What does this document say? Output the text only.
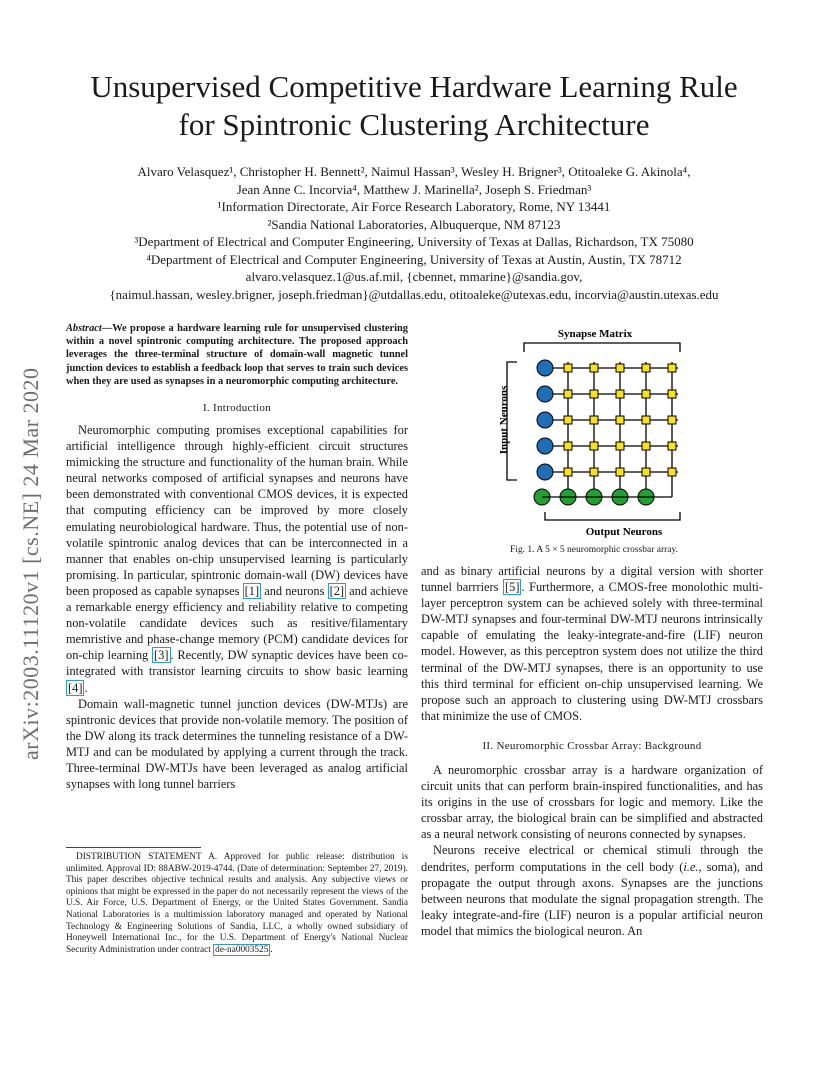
arXiv:2003.11120v1 [cs.NE] 24 Mar 2020
Unsupervised Competitive Hardware Learning Rule
for Spintronic Clustering Architecture
Alvaro Velasquez¹, Christopher H. Bennett², Naimul Hassan³, Wesley H. Brigner³, Otitoaleke G. Akinola⁴,
Jean Anne C. Incorvia⁴, Matthew J. Marinella², Joseph S. Friedman³
¹Information Directorate, Air Force Research Laboratory, Rome, NY 13441
²Sandia National Laboratories, Albuquerque, NM 87123
³Department of Electrical and Computer Engineering, University of Texas at Dallas, Richardson, TX 75080
⁴Department of Electrical and Computer Engineering, University of Texas at Austin, Austin, TX 78712
alvaro.velasquez.1@us.af.mil, {cbennet, mmarine}@sandia.gov,
{naimul.hassan, wesley.brigner, joseph.friedman}@utdallas.edu, otitoaleke@utexas.edu, incorvia@austin.utexas.edu

Abstract—We propose a hardware learning rule for unsupervised clustering within a novel spintronic computing architecture. The proposed approach leverages the three-terminal structure of domain-wall magnetic tunnel junction devices to establish a feedback loop that serves to train such devices when they are used as synapses in a neuromorphic computing architecture.

I. Introduction

Neuromorphic computing promises exceptional capabilities for artificial intelligence through highly-efficient circuit structures mimicking the structure and functionality of the human brain. While neural networks composed of artificial synapses and neurons have been demonstrated with conventional CMOS devices, it is expected that computing efficiency can be improved by more closely emulating neurobiological hardware. Thus, the potential use of non-volatile spintronic analog devices that can be interconnected in a manner that enables on-chip unsupervised learning is particularly promising. In particular, spintronic domain-wall (DW) devices have been proposed as capable synapses [1] and neurons [2] and achieve a remarkable energy efficiency and reliability relative to competing non-volatile candidate devices such as resitive/filamentary memristive and phase-change memory (PCM) candidate devices for on-chip learning [3] . Recently, DW synaptic devices have been co-integrated with transistor learning circuits to show basic learning [4] .

Domain wall-magnetic tunnel junction devices (DW-MTJs) are spintronic devices that provide non-volatile memory. The position of the DW along its track determines the tunneling resistance of a DW-MTJ and can be modulated by applying a current through the track. Three-terminal DW-MTJs have been leveraged as analog artificial synapses with long tunnel barriers

DISTRIBUTION STATEMENT A. Approved for public release: distribution is unlimited. Approval ID: 88ABW-2019-4744. (Date of determination: September 27, 2019). This paper describes objective technical results and analysis. Any subjective views or opinions that might be expressed in the paper do not necessarily represent the views of the U.S. Air Force, U.S. Department of Energy, or the United States Government. Sandia National Laboratories is a multimission laboratory managed and operated by National Technology & Engineering Solutions of Sandia, LLC, a wholly owned subsidiary of Honeywell International Inc., for the U.S. Department of Energy's National Nuclear Security Administration under contract de-na0003525 .
Synapse Matrix
Input Neurons
Output Neurons
Fig. 1. A 5 × 5 neuromorphic crossbar array.

and as binary artificial neurons by a digital version with shorter tunnel barrriers [5] . Furthermore, a CMOS-free monolothic multi-layer perceptron system can be achieved solely with three-terminal DW-MTJ synapses and four-terminal DW-MTJ neurons intrinsically capable of emulating the leaky-integrate-and-fire (LIF) neuron model. However, as this perceptron system does not utilize the third terminal of the DW-MTJ synapses, there is an opportunity to use this third terminal for efficient on-chip unsupervised learning. We propose such an approach to clustering using DW-MTJ crossbars that minimize the use of CMOS.

II. Neuromorphic Crossbar Array: Background

A neuromorphic crossbar array is a hardware organization of circuit units that can perform brain-inspired functionalities, and has its origins in the use of crossbars for logic and memory. Like the crossbar array, the biological brain can be simplified and abstracted as a neural network consisting of neurons connected by synapses.

Neurons receive electrical or chemical stimuli through the dendrites, perform computations in the cell body (i.e., soma), and propagate the output through axons. Synapses are the junctions between neurons that modulate the signal propagation strength. The leaky integrate-and-fire (LIF) neuron is a popular artificial neuron model that mimics the biological neuron. An
